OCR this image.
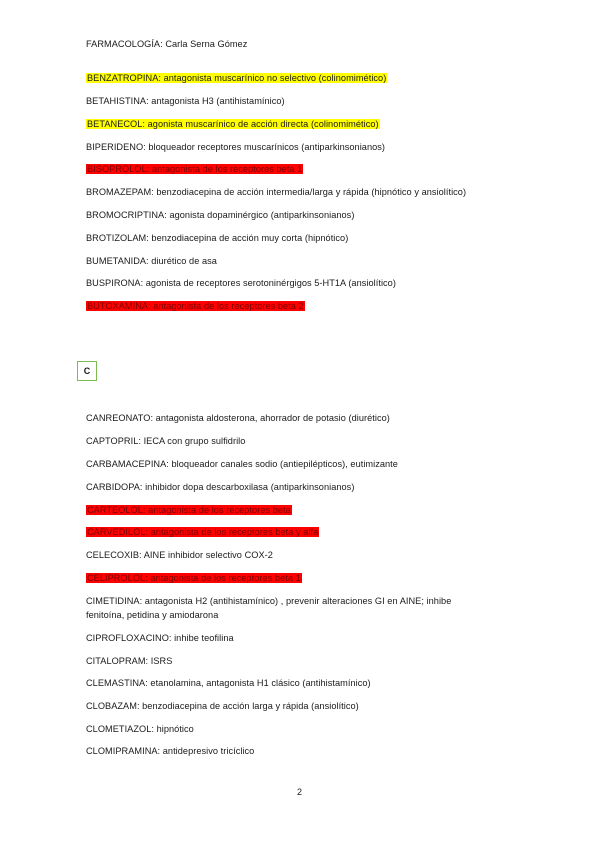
FARMACOLOGÍA: Carla Serna Gómez
BENZATROPINA: antagonista muscarínico no selectivo (colinomimético)
BETAHISTINA: antagonista H3 (antihistamínico)
BETANECOL: agonista muscarínico de acción directa (colinomimético)
BIPERIDENO: bloqueador receptores muscarínicos (antiparkinsonianos)
BISOPROLOL: antagonista de los receptores beta 1
BROMAZEPAM: benzodiacepina de acción intermedia/larga y rápida (hipnótico y ansiolítico)
BROMOCRIPTINA: agonista dopaminérgico (antiparkinsonianos)
BROTIZOLAM: benzodiacepina de acción muy corta (hipnótico)
BUMETANIDA: diurético de asa
BUSPIRONA: agonista de receptores serotoninérgigos 5-HT1A (ansiolítico)
BUTOXAMINA: antagonista de los receptores beta 2
C
CANREONATO: antagonista aldosterona, ahorrador de potasio (diurético)
CAPTOPRIL: IECA con grupo sulfidrilo
CARBAMACEPINA: bloqueador canales sodio (antiepilépticos), eutimizante
CARBIDOPA: inhibidor dopa descarboxilasa (antiparkinsonianos)
CARTEOLOL: antagonista de los receptores beta
CARVEDILOL: antagonista de los receptores beta y alfa
CELECOXIB: AINE inhibidor selectivo COX-2
CELIPROLOL: antagonista de los receptores beta 1
CIMETIDINA: antagonista H2 (antihistamínico) , prevenir alteraciones GI en AINE; inhibe
fenitoína, petidina y amiodarona
CIPROFLOXACINO: inhibe teofilina
CITALOPRAM: ISRS
CLEMASTINA: etanolamina, antagonista H1 clásico (antihistamínico)
CLOBAZAM: benzodiacepina de acción larga y rápida (ansiolítico)
CLOMETIAZOL: hipnótico
CLOMIPRAMINA: antidepresivo tricíclico
2
